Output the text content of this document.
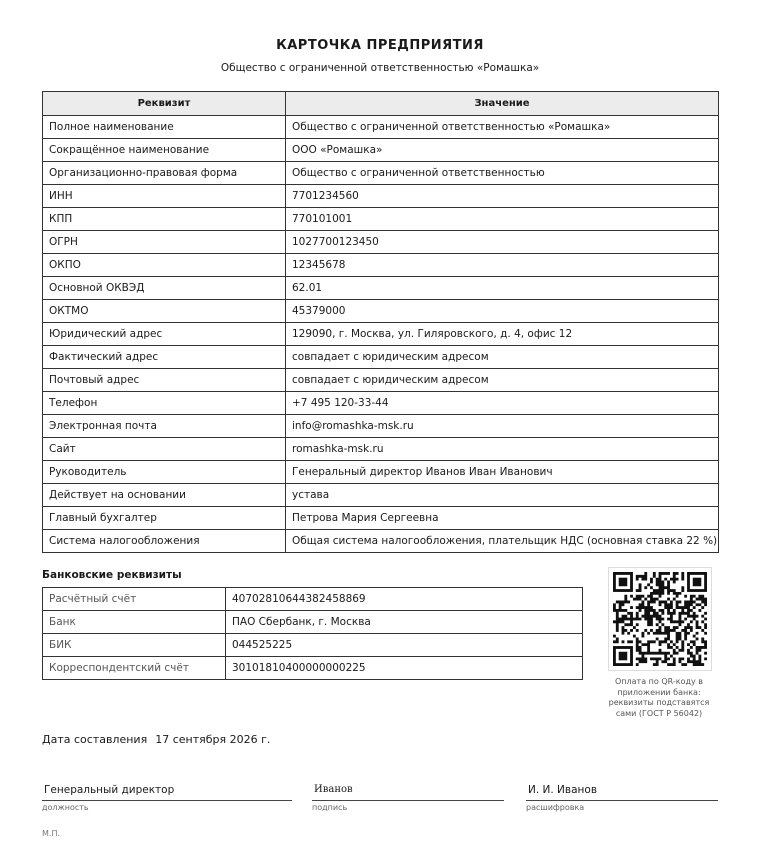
КАРТОЧКА ПРЕДПРИЯТИЯ
Общество с ограниченной ответственностью «Ромашка»
Реквизит	Значение
Полное наименование	Общество с ограниченной ответственностью «Ромашка»
Сокращённое наименование	ООО «Ромашка»
Организационно-правовая форма	Общество с ограниченной ответственностью
ИНН	7701234560
КПП	770101001
ОГРН	1027700123450
ОКПО	12345678
Основной ОКВЭД	62.01
ОКТМО	45379000
Юридический адрес	129090, г. Москва, ул. Гиляровского, д. 4, офис 12
Фактический адрес	совпадает с юридическим адресом
Почтовый адрес	совпадает с юридическим адресом
Телефон	+7 495 120-33-44
Электронная почта	info@romashka-msk.ru
Сайт	romashka-msk.ru
Руководитель	Генеральный директор Иванов Иван Иванович
Действует на основании	устава
Главный бухгалтер	Петрова Мария Сергеевна
Система налогообложения	Общая система налогообложения, плательщик НДС (основная ставка 22 %)
Банковские реквизиты
Расчётный счёт	40702810644382458869
Банк	ПАО Сбербанк, г. Москва
БИК	044525225
Корреспондентский счёт	30101810400000000225
Оплата по QR-коду в приложении банка: реквизиты подставятся сами (ГОСТ Р 56042)
Дата составления 17 сентября 2026 г.
Генеральный директор
должность
Иванов
подпись
И. И. Иванов
расшифровка
М.П.
